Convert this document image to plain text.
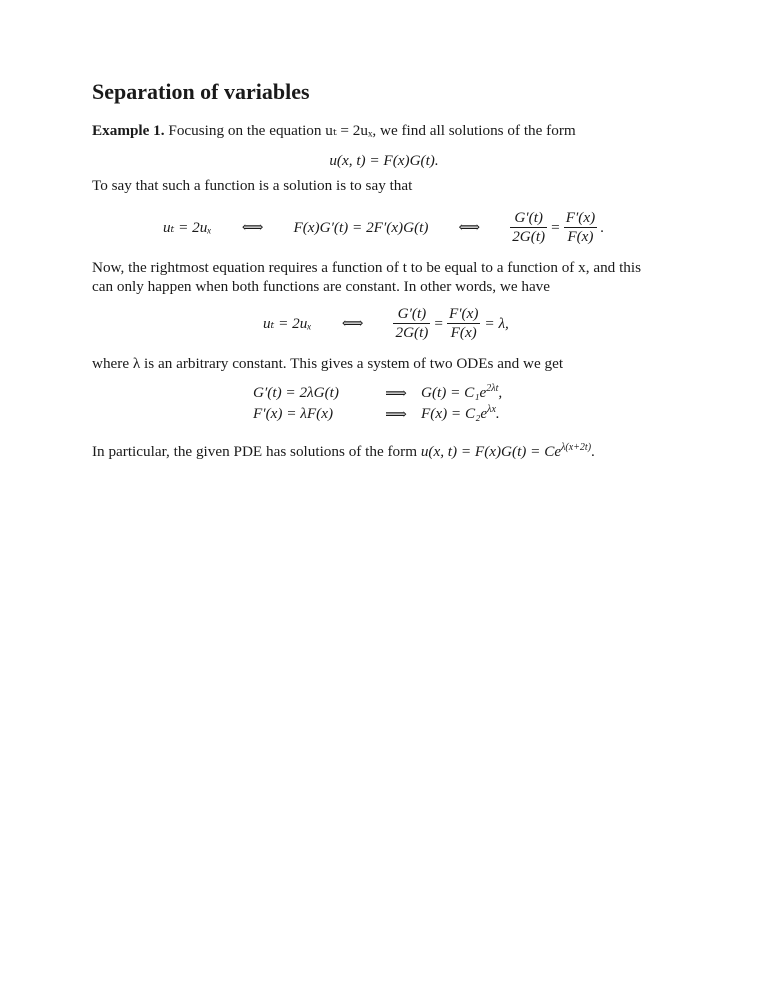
Separation of variables
Example 1. Focusing on the equation uₜ = 2uₓ, we find all solutions of the form
u(x, t) = F(x)G(t).
To say that such a function is a solution is to say that
uₜ = 2uₓ ⟺ F(x)G′(t) = 2F′(x)G(t) ⟺ $\frac{G'(t)}{2G(t)} = \frac{F'(x)}{F(x)}$ .
Now, the rightmost equation requires a function of t to be equal to a function of x, and this
can only happen when both functions are constant. In other words, we have
uₜ = 2uₓ ⟺ $\frac{G'(t)}{2G(t)} = \frac{F'(x)}{F(x)} = \lambda$,
where λ is an arbitrary constant. This gives a system of two ODEs and we get
G′(t) = 2λG(t)	⟹ $G(t) = C_1e^{2\lambda t}$,
F′(x) = λF(x)	⟹ $F(x) = C_2e^{\lambda x}$.
In particular, the given PDE has solutions of the form u(x, $t) = F(x)G(t) = Ce^{\lambda(x+2t)}$.
